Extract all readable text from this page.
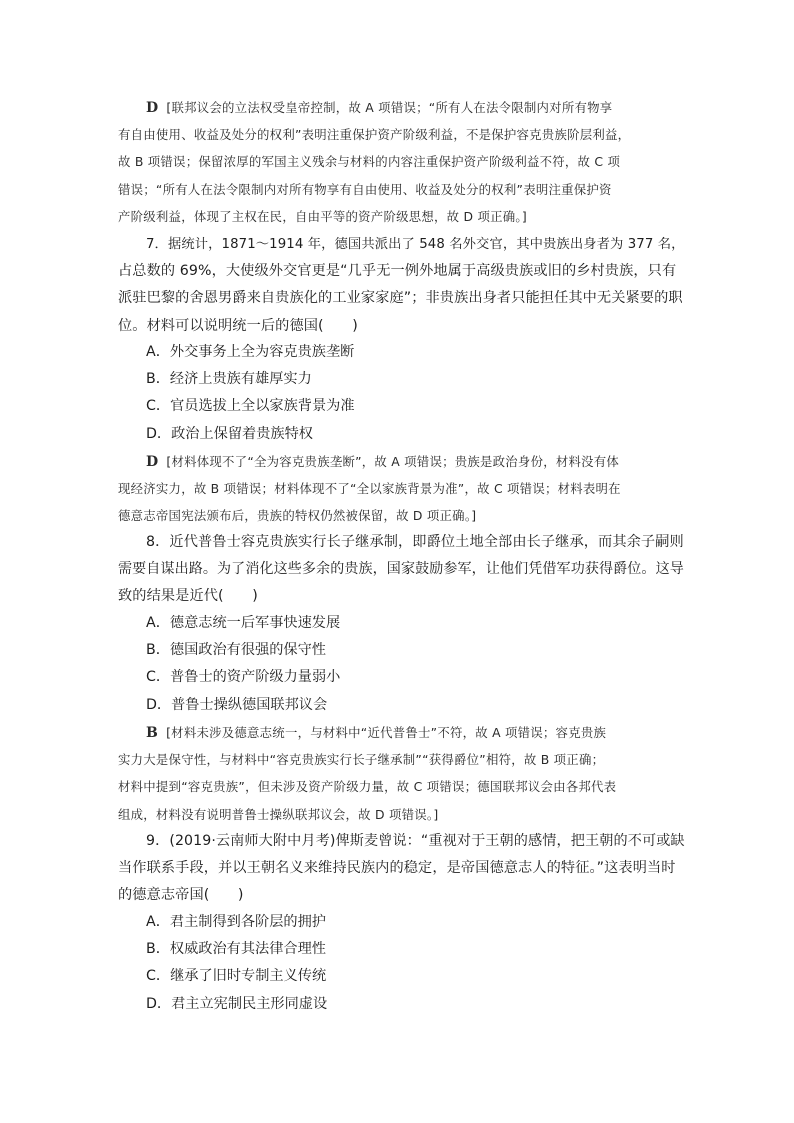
D [联邦议会的立法权受皇帝控制，故 A 项错误；“所有人在法令限制内对所有物享
有自由使用、收益及处分的权利”表明注重保护资产阶级利益，不是保护容克贵族阶层利益，
故 B 项错误；保留浓厚的军国主义残余与材料的内容注重保护资产阶级利益不符，故 C 项
错误；“所有人在法令限制内对所有物享有自由使用、收益及处分的权利”表明注重保护资
产阶级利益，体现了主权在民，自由平等的资产阶级思想，故 D 项正确。]
7．据统计，1871～1914 年，德国共派出了 548 名外交官，其中贵族出身者为 377 名，
占总数的 69%，大使级外交官更是“几乎无一例外地属于高级贵族或旧的乡村贵族，只有
派驻巴黎的舍恩男爵来自贵族化的工业家家庭”；非贵族出身者只能担任其中无关紧要的职
位。材料可以说明统一后的德国(　　)
A．外交事务上全为容克贵族垄断
B．经济上贵族有雄厚实力
C．官员选拔上全以家族背景为准
D．政治上保留着贵族特权
D [材料体现不了“全为容克贵族垄断”，故 A 项错误；贵族是政治身份，材料没有体
现经济实力，故 B 项错误；材料体现不了“全以家族背景为准”，故 C 项错误；材料表明在
德意志帝国宪法颁布后，贵族的特权仍然被保留，故 D 项正确。]
8．近代普鲁士容克贵族实行长子继承制，即爵位土地全部由长子继承，而其余子嗣则
需要自谋出路。为了消化这些多余的贵族，国家鼓励参军，让他们凭借军功获得爵位。这导
致的结果是近代(　　)
A．德意志统一后军事快速发展
B．德国政治有很强的保守性
C．普鲁士的资产阶级力量弱小
D．普鲁士操纵德国联邦议会
B [材料未涉及德意志统一，与材料中“近代普鲁士”不符，故 A 项错误；容克贵族
实力大是保守性，与材料中“容克贵族实行长子继承制”“获得爵位”相符，故 B 项正确；
材料中提到“容克贵族”，但未涉及资产阶级力量，故 C 项错误；德国联邦议会由各邦代表
组成，材料没有说明普鲁士操纵联邦议会，故 D 项错误。]
9．(2019·云南师大附中月考)俾斯麦曾说：“重视对于王朝的感情，把王朝的不可或缺
当作联系手段，并以王朝名义来维持民族内的稳定，是帝国德意志人的特征。”这表明当时
的德意志帝国(　　)
A．君主制得到各阶层的拥护
B．权威政治有其法律合理性
C．继承了旧时专制主义传统
D．君主立宪制民主形同虚设
